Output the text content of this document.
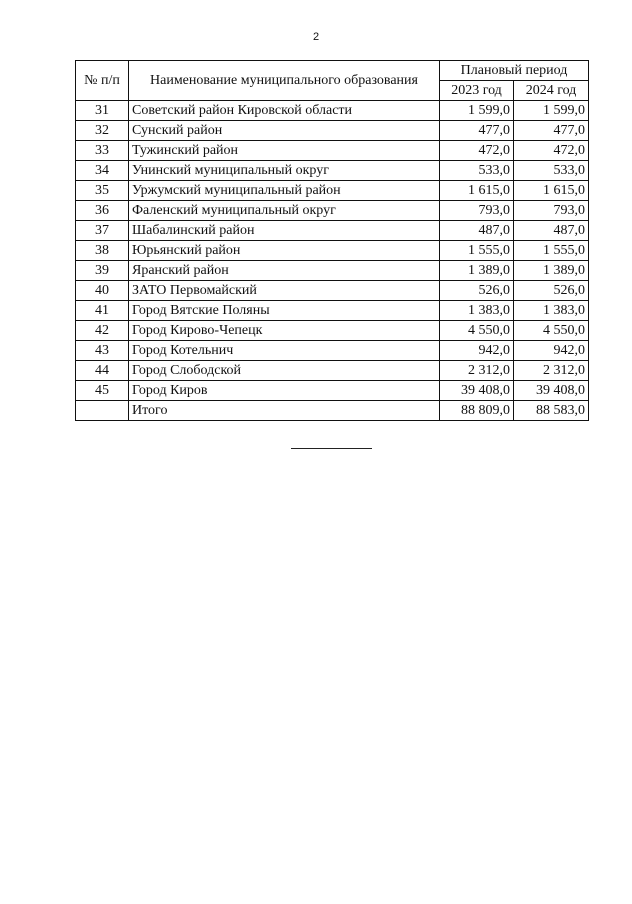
2
№ п/п	Наименование муниципального образования	Плановый период	
		2023 год	2024 год
31	Советский район Кировской области	1 599,0	1 599,0
32	Сунский район	477,0	477,0
33	Тужинский район	472,0	472,0
34	Унинский муниципальный округ	533,0	533,0
35	Уржумский муниципальный район	1 615,0	1 615,0
36	Фаленский муниципальный округ	793,0	793,0
37	Шабалинский район	487,0	487,0
38	Юрьянский район	1 555,0	1 555,0
39	Яранский район	1 389,0	1 389,0
40	ЗАТО Первомайский	526,0	526,0
41	Город Вятские Поляны	1 383,0	1 383,0
42	Город Кирово-Чепецк	4 550,0	4 550,0
43	Город Котельнич	942,0	942,0
44	Город Слободской	2 312,0	2 312,0
45	Город Киров	39 408,0	39 408,0
	Итого	88 809,0	88 583,0
